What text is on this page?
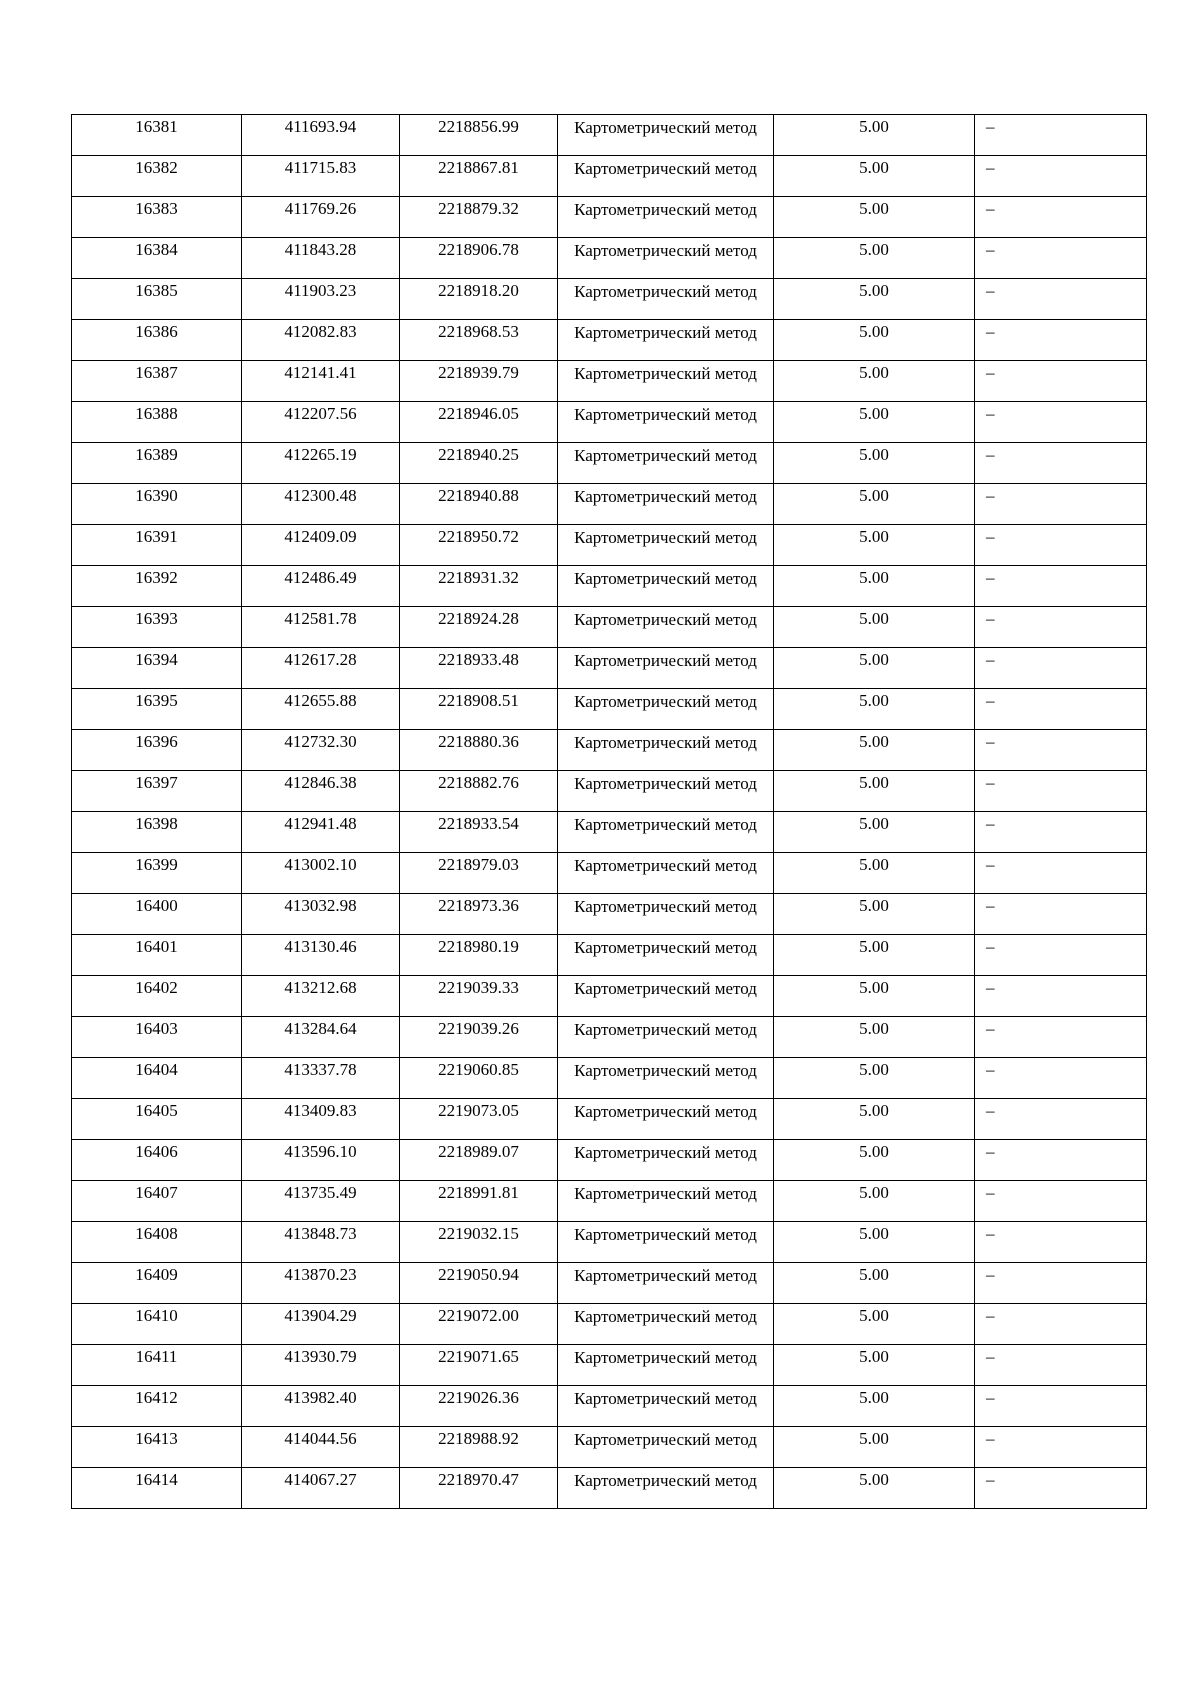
16381	411693.94	2218856.99	Картометрический метод	5.00	–
16382	411715.83	2218867.81	Картометрический метод	5.00	–
16383	411769.26	2218879.32	Картометрический метод	5.00	–
16384	411843.28	2218906.78	Картометрический метод	5.00	–
16385	411903.23	2218918.20	Картометрический метод	5.00	–
16386	412082.83	2218968.53	Картометрический метод	5.00	–
16387	412141.41	2218939.79	Картометрический метод	5.00	–
16388	412207.56	2218946.05	Картометрический метод	5.00	–
16389	412265.19	2218940.25	Картометрический метод	5.00	–
16390	412300.48	2218940.88	Картометрический метод	5.00	–
16391	412409.09	2218950.72	Картометрический метод	5.00	–
16392	412486.49	2218931.32	Картометрический метод	5.00	–
16393	412581.78	2218924.28	Картометрический метод	5.00	–
16394	412617.28	2218933.48	Картометрический метод	5.00	–
16395	412655.88	2218908.51	Картометрический метод	5.00	–
16396	412732.30	2218880.36	Картометрический метод	5.00	–
16397	412846.38	2218882.76	Картометрический метод	5.00	–
16398	412941.48	2218933.54	Картометрический метод	5.00	–
16399	413002.10	2218979.03	Картометрический метод	5.00	–
16400	413032.98	2218973.36	Картометрический метод	5.00	–
16401	413130.46	2218980.19	Картометрический метод	5.00	–
16402	413212.68	2219039.33	Картометрический метод	5.00	–
16403	413284.64	2219039.26	Картометрический метод	5.00	–
16404	413337.78	2219060.85	Картометрический метод	5.00	–
16405	413409.83	2219073.05	Картометрический метод	5.00	–
16406	413596.10	2218989.07	Картометрический метод	5.00	–
16407	413735.49	2218991.81	Картометрический метод	5.00	–
16408	413848.73	2219032.15	Картометрический метод	5.00	–
16409	413870.23	2219050.94	Картометрический метод	5.00	–
16410	413904.29	2219072.00	Картометрический метод	5.00	–
16411	413930.79	2219071.65	Картометрический метод	5.00	–
16412	413982.40	2219026.36	Картометрический метод	5.00	–
16413	414044.56	2218988.92	Картометрический метод	5.00	–
16414	414067.27	2218970.47	Картометрический метод	5.00	–
